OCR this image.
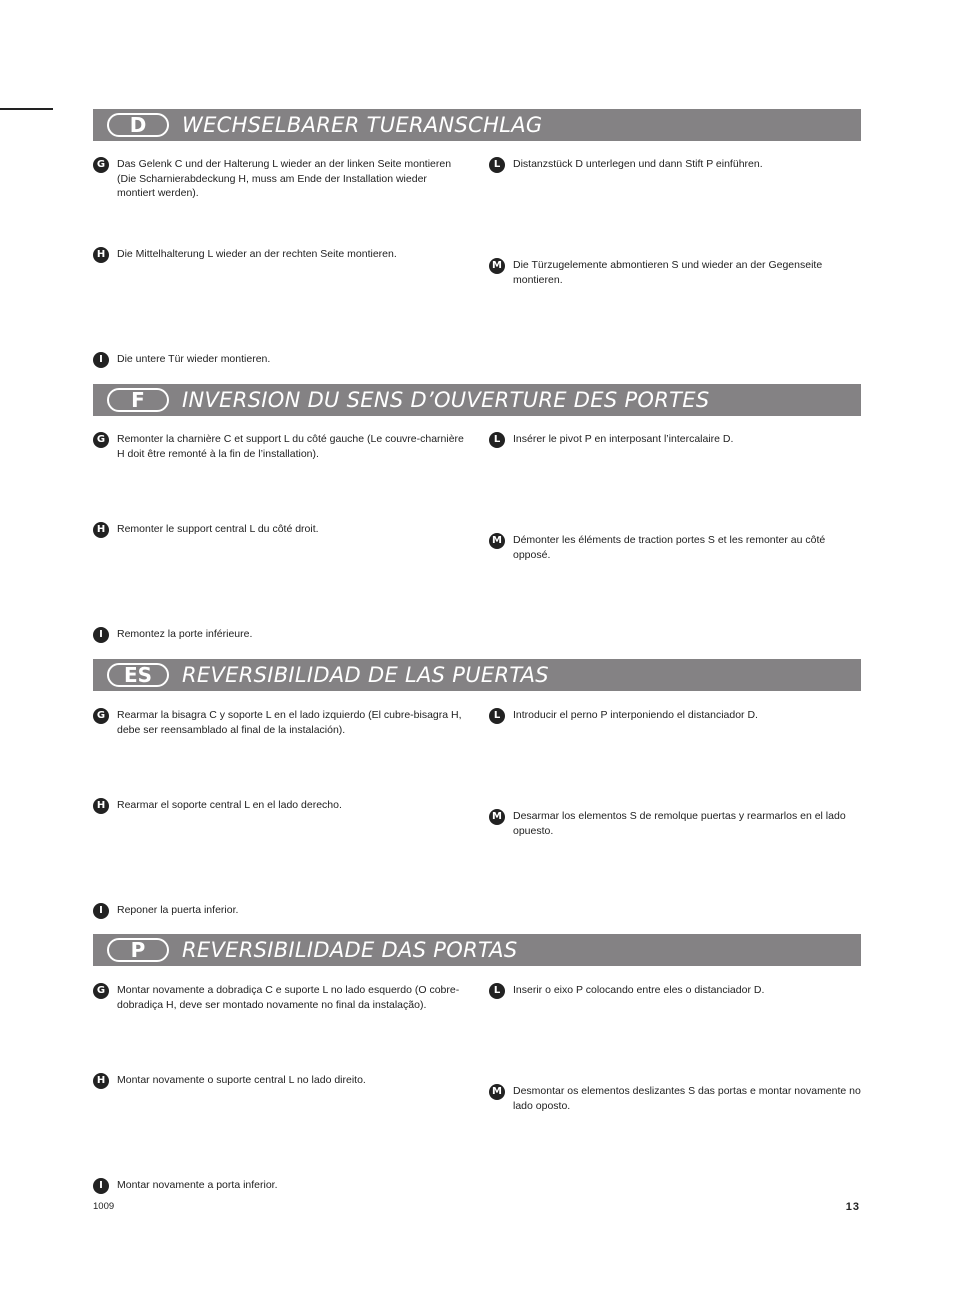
D	WECHSELBARER TUERANSCHLAG
G	Das Gelenk C und der Halterung L wieder an der linken Seite montieren (Die Scharnierabdeckung H, muss am Ende der Installation wieder montiert werden).
H	Die Mittelhalterung L wieder an der rechten Seite montieren.
I	Die untere Tür wieder montieren.
L	Distanzstück D unterlegen und dann Stift P einführen.
M	Die Türzugelemente abmontieren S und wieder an der Gegenseite montieren.
F	INVERSION DU SENS D’OUVERTURE DES PORTES
G	Remonter la charnière C et support L du côté gauche (Le couvre-charnière H doit être remonté à la fin de l’installation).
H	Remonter le support central L du côté droit.
I	Remontez la porte inférieure.
L	Insérer le pivot P en interposant l’intercalaire D.
M	Démonter les éléments de traction portes S et les remonter au côté opposé.
ES	REVERSIBILIDAD DE LAS PUERTAS
G	Rearmar la bisagra C y soporte L en el lado izquierdo (El cubre-bisagra H, debe ser reensamblado al final de la instalación).
H	Rearmar el soporte central L en el lado derecho.
I	Reponer la puerta inferior.
L	Introducir el perno P interponiendo el distanciador D.
M	Desarmar los elementos S de remolque puertas y rearmarlos en el lado opuesto.
P	REVERSIBILIDADE DAS PORTAS
G	Montar novamente a dobradiça C e suporte L no lado esquerdo (O cobre-dobradiça H, deve ser montado novamente no final da instalação).
H	Montar novamente o suporte central L no lado direito.
I	Montar novamente a porta inferior.
L	Inserir o eixo P colocando entre eles o distanciador D.
M	Desmontar os elementos deslizantes S das portas e montar novamente no lado oposto.
1009	13
